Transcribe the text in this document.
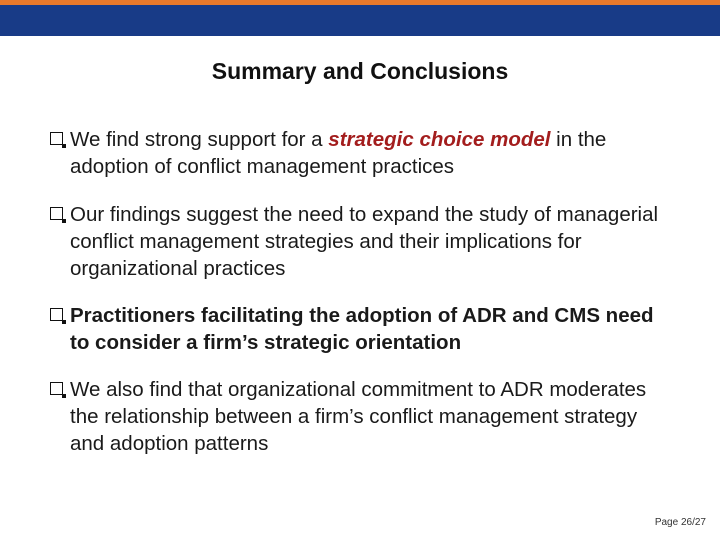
Summary and Conclusions
We find strong support for a strategic choice model in the adoption of conflict management practices
Our findings suggest the need to expand the study of managerial conflict management strategies and their implications for organizational practices
Practitioners facilitating the adoption of ADR and CMS need to consider a firm’s strategic orientation
We also find that organizational commitment to ADR moderates the relationship between a firm’s conflict management strategy and adoption patterns
Page 26/27
